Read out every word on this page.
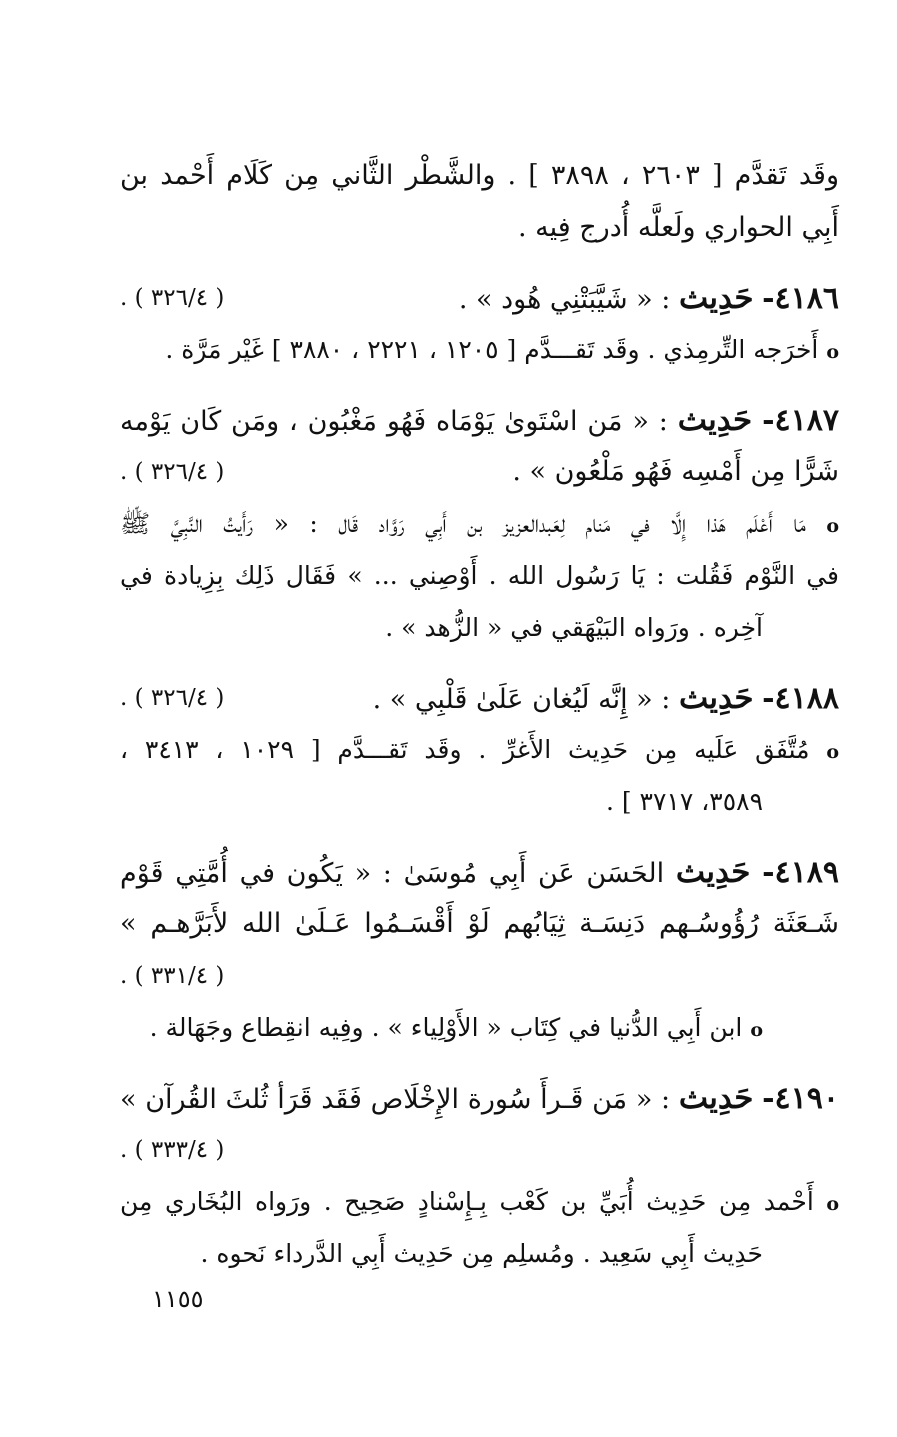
وقَد تَقدَّم [ ٢٦٠٣ ، ٣٨٩٨ ] . والشَّطْر الثَّاني مِن كَلَام أَحْمد بن
أَبِي الحواري ولَعلَّه أُدرج فِيه .
٤١٨٦- حَدِيث : « شَيَّبَتْنِي هُود » .
( ٣٢٦/٤ ) .
o أَخرَجه التِّرمِذي . وقَد تَقـــدَّم [ ١٢٠٥ ، ٢٢٢١ ، ٣٨٨٠ ] غَيْر مَرَّة .
٤١٨٧- حَدِيث : « مَن اسْتَوىٰ يَوْمَاه فَهُو مَغْبُون ، ومَن كَان يَوْمه
شَرًّا مِن أَمْسِه فَهُو مَلْعُون » .
( ٣٢٦/٤ ) .
o مَا أَعْلَم هَذا إِلَّا في مَنام لِعَبدالعزيز بن أَبِي رَوَّاد قَال : « رَأَيتُ النَّبِيَّ ﷺ
في النَّوْم فَقُلت : يَا رَسُول الله . أَوْصِني ... » فَقَال ذَلِك بِزِيادة في
آخِره . ورَواه البَيْهَقي في « الزُّهد » .
٤١٨٨- حَدِيث : « إِنَّه لَيُغان عَلَىٰ قَلْبِي » .
( ٣٢٦/٤ ) .
o مُتَّفَق عَلَيه مِن حَدِيث الأَغرِّ . وقَد تَقـــدَّم [ ١٠٢٩ ، ٣٤١٣ ،
٣٥٨٩، ٣٧١٧ ] .
٤١٨٩- حَدِيث الحَسَن عَن أَبِي مُوسَىٰ : « يَكُون في أُمَّتِي قَوْم
شَـعَثَة رُؤُوسُـهم دَنِسَـة ثِيَابُهم لَوْ أَقْسَـمُوا عَـلَىٰ الله لأَبَرَّهـم »
( ٣٣١/٤ ) .
o ابن أَبِي الدُّنيا في كِتَاب « الأَوْلِياء » . وفِيه انقِطاع وجَهَالة .
٤١٩٠- حَدِيث : « مَن قَـرأَ سُورة الإِخْلَاص فَقَد قَرَأ ثُلثَ القُرآن »
( ٣٣٣/٤ ) .
o أَحْمد مِن حَدِيث أُبَيِّ بن كَعْب بِـإِسْنادٍ صَحِيح . ورَواه البُخَاري مِن
حَدِيث أَبِي سَعِيد . ومُسلِم مِن حَدِيث أَبِي الدَّرداء نَحوه .
١١٥٥
